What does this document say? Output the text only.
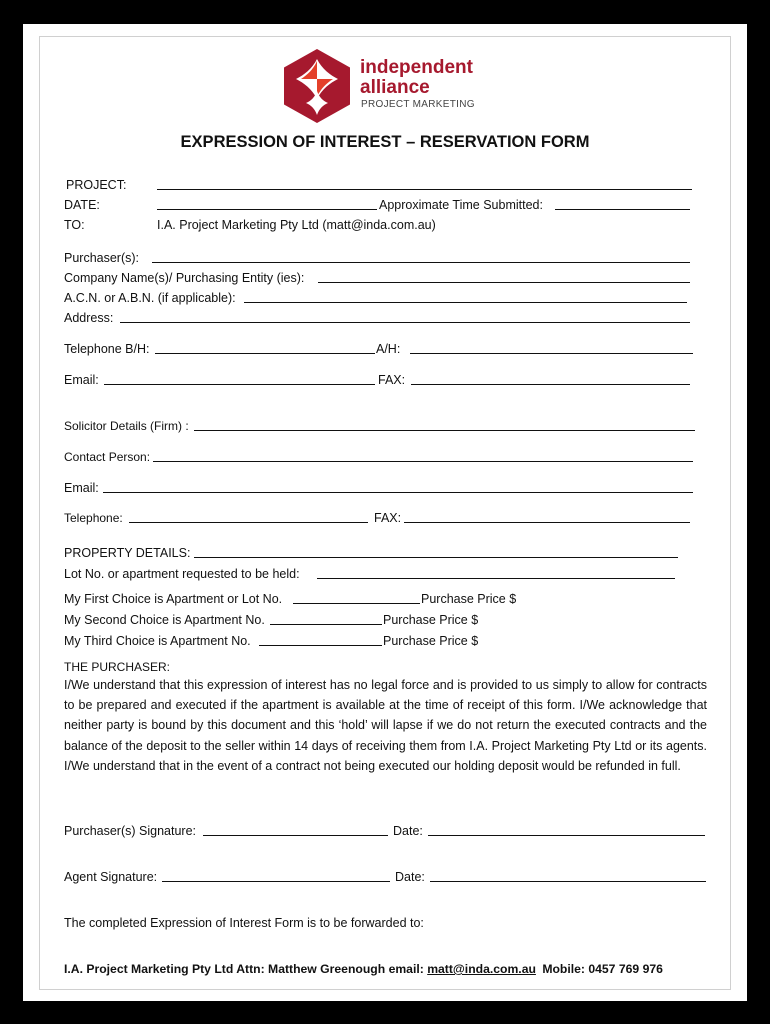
independent
alliance
PROJECT MARKETING
EXPRESSION OF INTEREST – RESERVATION FORM
PROJECT:
DATE:	Approximate Time Submitted:
TO:	I.A. Project Marketing Pty Ltd (matt@inda.com.au)
Purchaser(s):
Company Name(s)/ Purchasing Entity (ies):
A.C.N. or A.B.N. (if applicable):
Address:
Telephone B/H:	A/H:
Email:	FAX:
Solicitor Details (Firm) :
Contact Person:
Email:
Telephone:	FAX:
PROPERTY DETAILS:
Lot No. or apartment requested to be held:
My First Choice is Apartment or Lot No.	Purchase Price $
My Second Choice is Apartment No.	Purchase Price $
My Third Choice is Apartment No.	Purchase Price $
THE PURCHASER:
I/We understand that this expression of interest has no legal force and is provided to us simply to allow for contracts to be prepared and executed if the apartment is available at the time of receipt of this form. I/We acknowledge that neither party is bound by this document and this ‘hold’ will lapse if we do not return the executed contracts and the balance of the deposit to the seller within 14 days of receiving them from I.A. Project Marketing Pty Ltd or its agents. I/We understand that in the event of a contract not being executed our holding deposit would be refunded in full.
Purchaser(s) Signature:	Date:
Agent Signature:	Date:
The completed Expression of Interest Form is to be forwarded to:
I.A. Project Marketing Pty Ltd Attn: Matthew Greenough email: matt@inda.com.au Mobile: 0457 769 976
